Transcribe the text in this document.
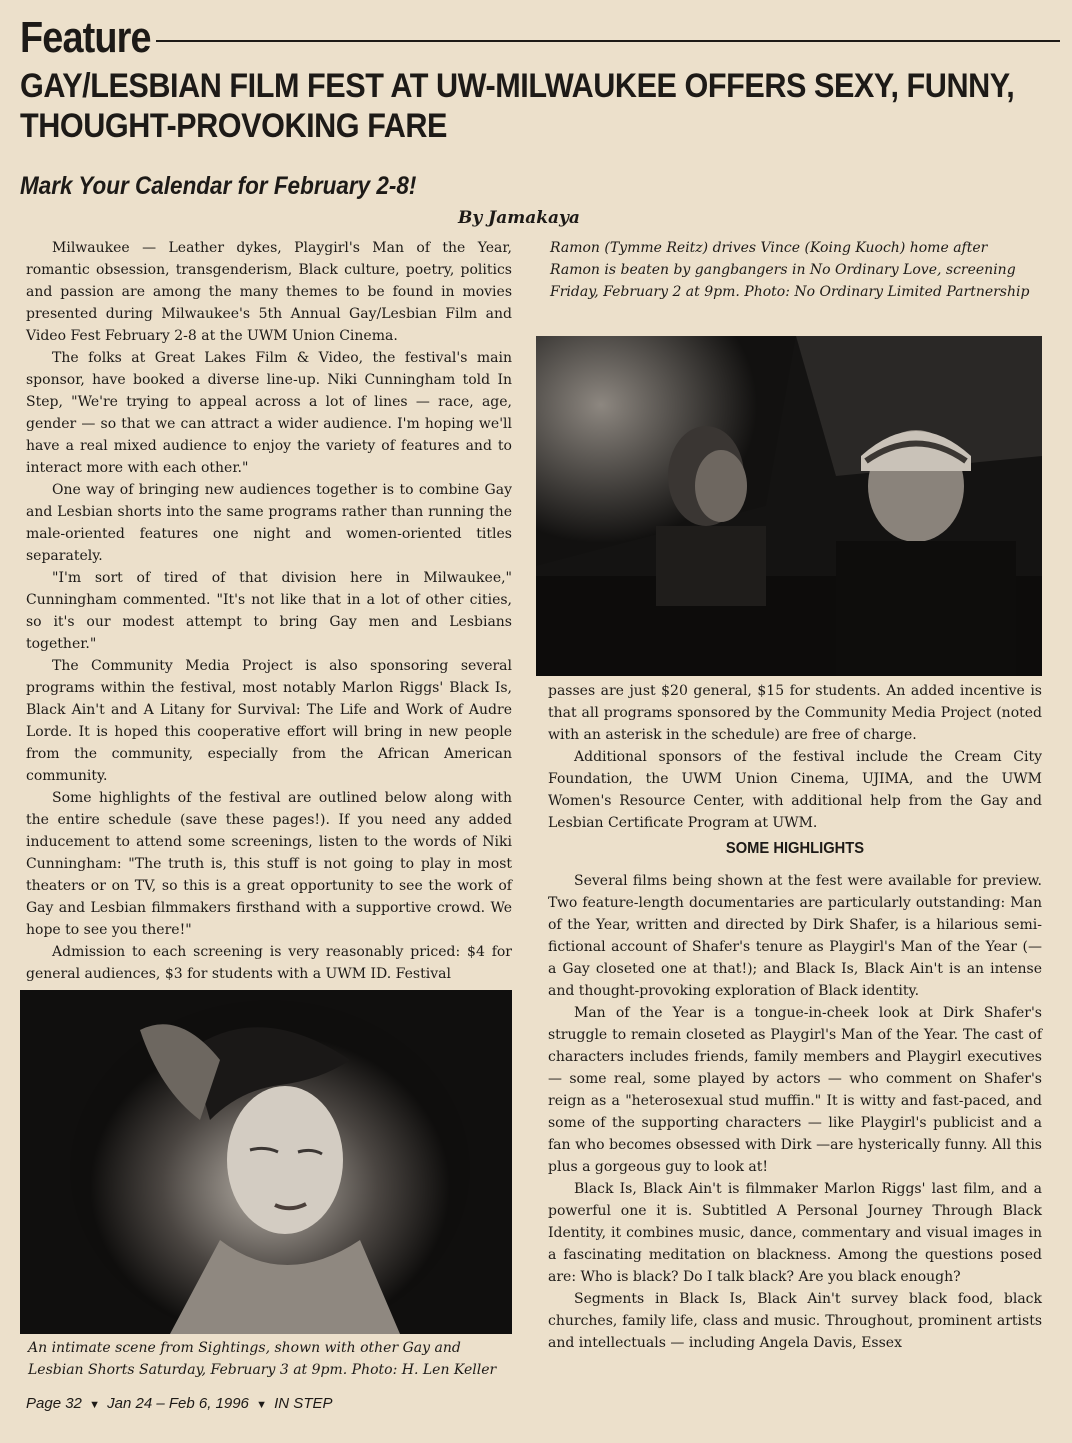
Feature
GAY/LESBIAN FILM FEST AT UW-MILWAUKEE OFFERS SEXY, FUNNY,
THOUGHT-PROVOKING FARE
Mark Your Calendar for February 2-8!
By Jamakaya

Milwaukee — Leather dykes, Playgirl's Man of the Year, romantic obsession, transgenderism, Black culture, poetry, politics and passion are among the many themes to be found in movies presented during Milwaukee's 5th Annual Gay/Lesbian Film and Video Fest February 2-8 at the UWM Union Cinema.

The folks at Great Lakes Film & Video, the festival's main sponsor, have booked a diverse line-up. Niki Cunningham told In Step, "We're trying to appeal across a lot of lines — race, age, gender — so that we can attract a wider audience. I'm hoping we'll have a real mixed audience to enjoy the variety of features and to interact more with each other."

One way of bringing new audiences together is to combine Gay and Lesbian shorts into the same programs rather than running the male-oriented features one night and women-oriented titles separately.

"I'm sort of tired of that division here in Milwaukee," Cunningham commented. "It's not like that in a lot of other cities, so it's our modest attempt to bring Gay men and Lesbians together."

The Community Media Project is also sponsoring several programs within the festival, most notably Marlon Riggs' Black Is, Black Ain't and A Litany for Survival: The Life and Work of Audre Lorde. It is hoped this cooperative effort will bring in new people from the community, especially from the African American community.

Some highlights of the festival are outlined below along with the entire schedule (save these pages!). If you need any added inducement to attend some screenings, listen to the words of Niki Cunningham: "The truth is, this stuff is not going to play in most theaters or on TV, so this is a great opportunity to see the work of Gay and Lesbian filmmakers firsthand with a supportive crowd. We hope to see you there!"

Admission to each screening is very reasonably priced: $4 for general audiences, $3 for students with a UWM ID. Festival

Ramon (Tymme Reitz) drives Vince (Koing Kuoch) home after Ramon is beaten by gangbangers in No Ordinary Love, screening Friday, February 2 at 9pm. Photo: No Ordinary Limited Partnership

passes are just $20 general, $15 for students. An added incentive is that all programs sponsored by the Community Media Project (noted with an asterisk in the schedule) are free of charge.

Additional sponsors of the festival include the Cream City Foundation, the UWM Union Cinema, UJIMA, and the UWM Women's Resource Center, with additional help from the Gay and Lesbian Certificate Program at UWM.

SOME HIGHLIGHTS

Several films being shown at the fest were available for preview. Two feature-length documentaries are particularly outstanding: Man of the Year, written and directed by Dirk Shafer, is a hilarious semi-fictional account of Shafer's tenure as Playgirl's Man of the Year (— a Gay closeted one at that!); and Black Is, Black Ain't is an intense and thought-provoking exploration of Black identity.

Man of the Year is a tongue-in-cheek look at Dirk Shafer's struggle to remain closeted as Playgirl's Man of the Year. The cast of characters includes friends, family members and Playgirl executives — some real, some played by actors — who comment on Shafer's reign as a "heterosexual stud muffin." It is witty and fast-paced, and some of the supporting characters — like Playgirl's publicist and a fan who becomes obsessed with Dirk —are hysterically funny. All this plus a gorgeous guy to look at!

Black Is, Black Ain't is filmmaker Marlon Riggs' last film, and a powerful one it is. Subtitled A Personal Journey Through Black Identity, it combines music, dance, commentary and visual images in a fascinating meditation on blackness. Among the questions posed are: Who is black? Do I talk black? Are you black enough?

Segments in Black Is, Black Ain't survey black food, black churches, family life, class and music. Throughout, prominent artists and intellectuals — including Angela Davis, Essex

An intimate scene from Sightings, shown with other Gay and Lesbian Shorts Saturday, February 3 at 9pm. Photo: H. Len Keller
Page 32 ▼ Jan 24 – Feb 6, 1996 ▼ IN STEP
